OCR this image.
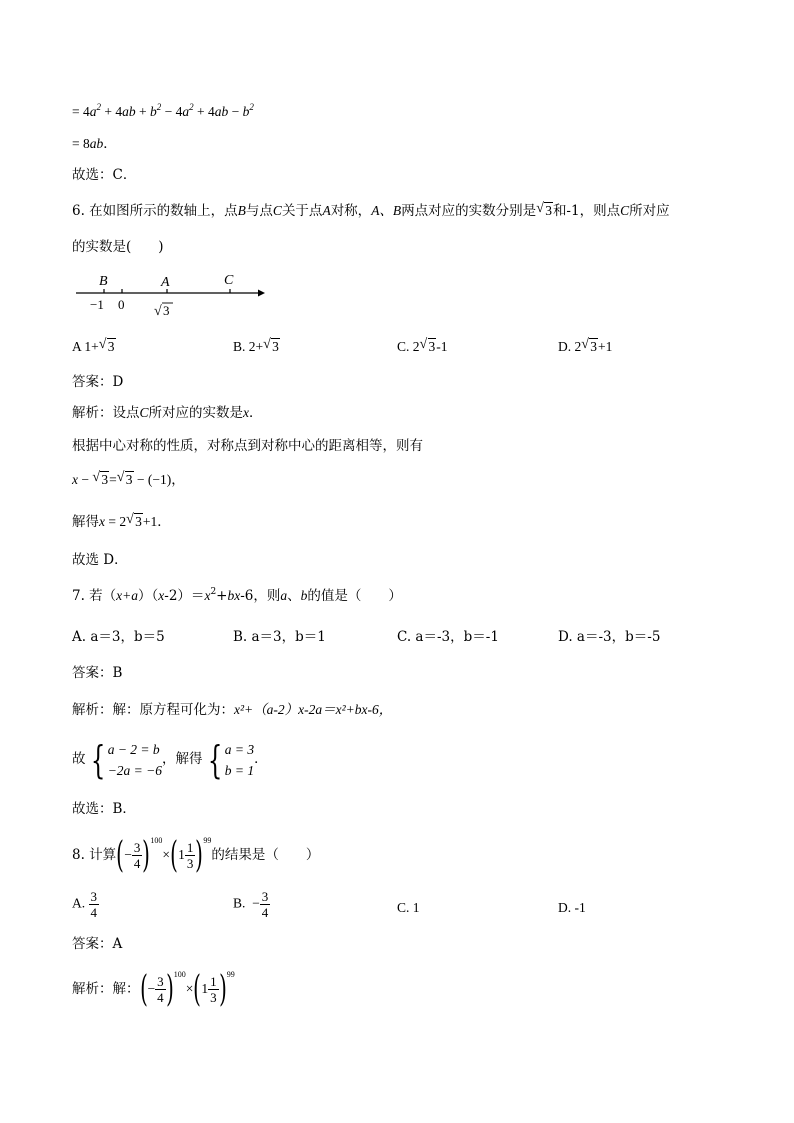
= $4a^2 + 4ab + b^2 - 4a^2 + 4ab - b^2$
= 8ab．
故选：C．
6. 在如图所示的数轴上，点B与点C关于点A对称，A、B两点对应的实数分别是 √ 3和-1，则点C所对应
的实数是(　　)
B	A	C
−1 0 √ 3
A 1+ √ 3	B. 2+ √ 3	C. 2 √ 3-1	D. 2 √ 3+1
答案：D
解析：设点C所对应的实数是x．
根据中心对称的性质，对称点到对称中心的距离相等，则有
x − √ 3= √ 3 − (−1)，
解得x = 2 √ 3+1．
故选 D．
7. 若$(x+a)(x-2)=x^2+bx-6$，则a、b的值是（　　）
A. a＝3，b＝5	B. a＝3，b＝1	C. a＝-3，b＝-1	D. a＝-3，b＝-5
答案：B
解析：解：原方程可化为：x²+（a-2）x-2a＝x²+bx-6，
故 { a − 2 = b
−2a = −6
，解得 { a = 3
b = 1
．
故选：B．
8. 计算(− $\frac{3}{4} )^{100}\times(1 \frac{1}{3} )^{99}$的结果是（　　）
A. $\frac{3}{4}$	B. − $\frac{3}{4}$	C. 1	D. -1
答案：A
解析：解：(− $\frac{3}{4} )^{100}\times(1 \frac{1}{3} )^{99}$
